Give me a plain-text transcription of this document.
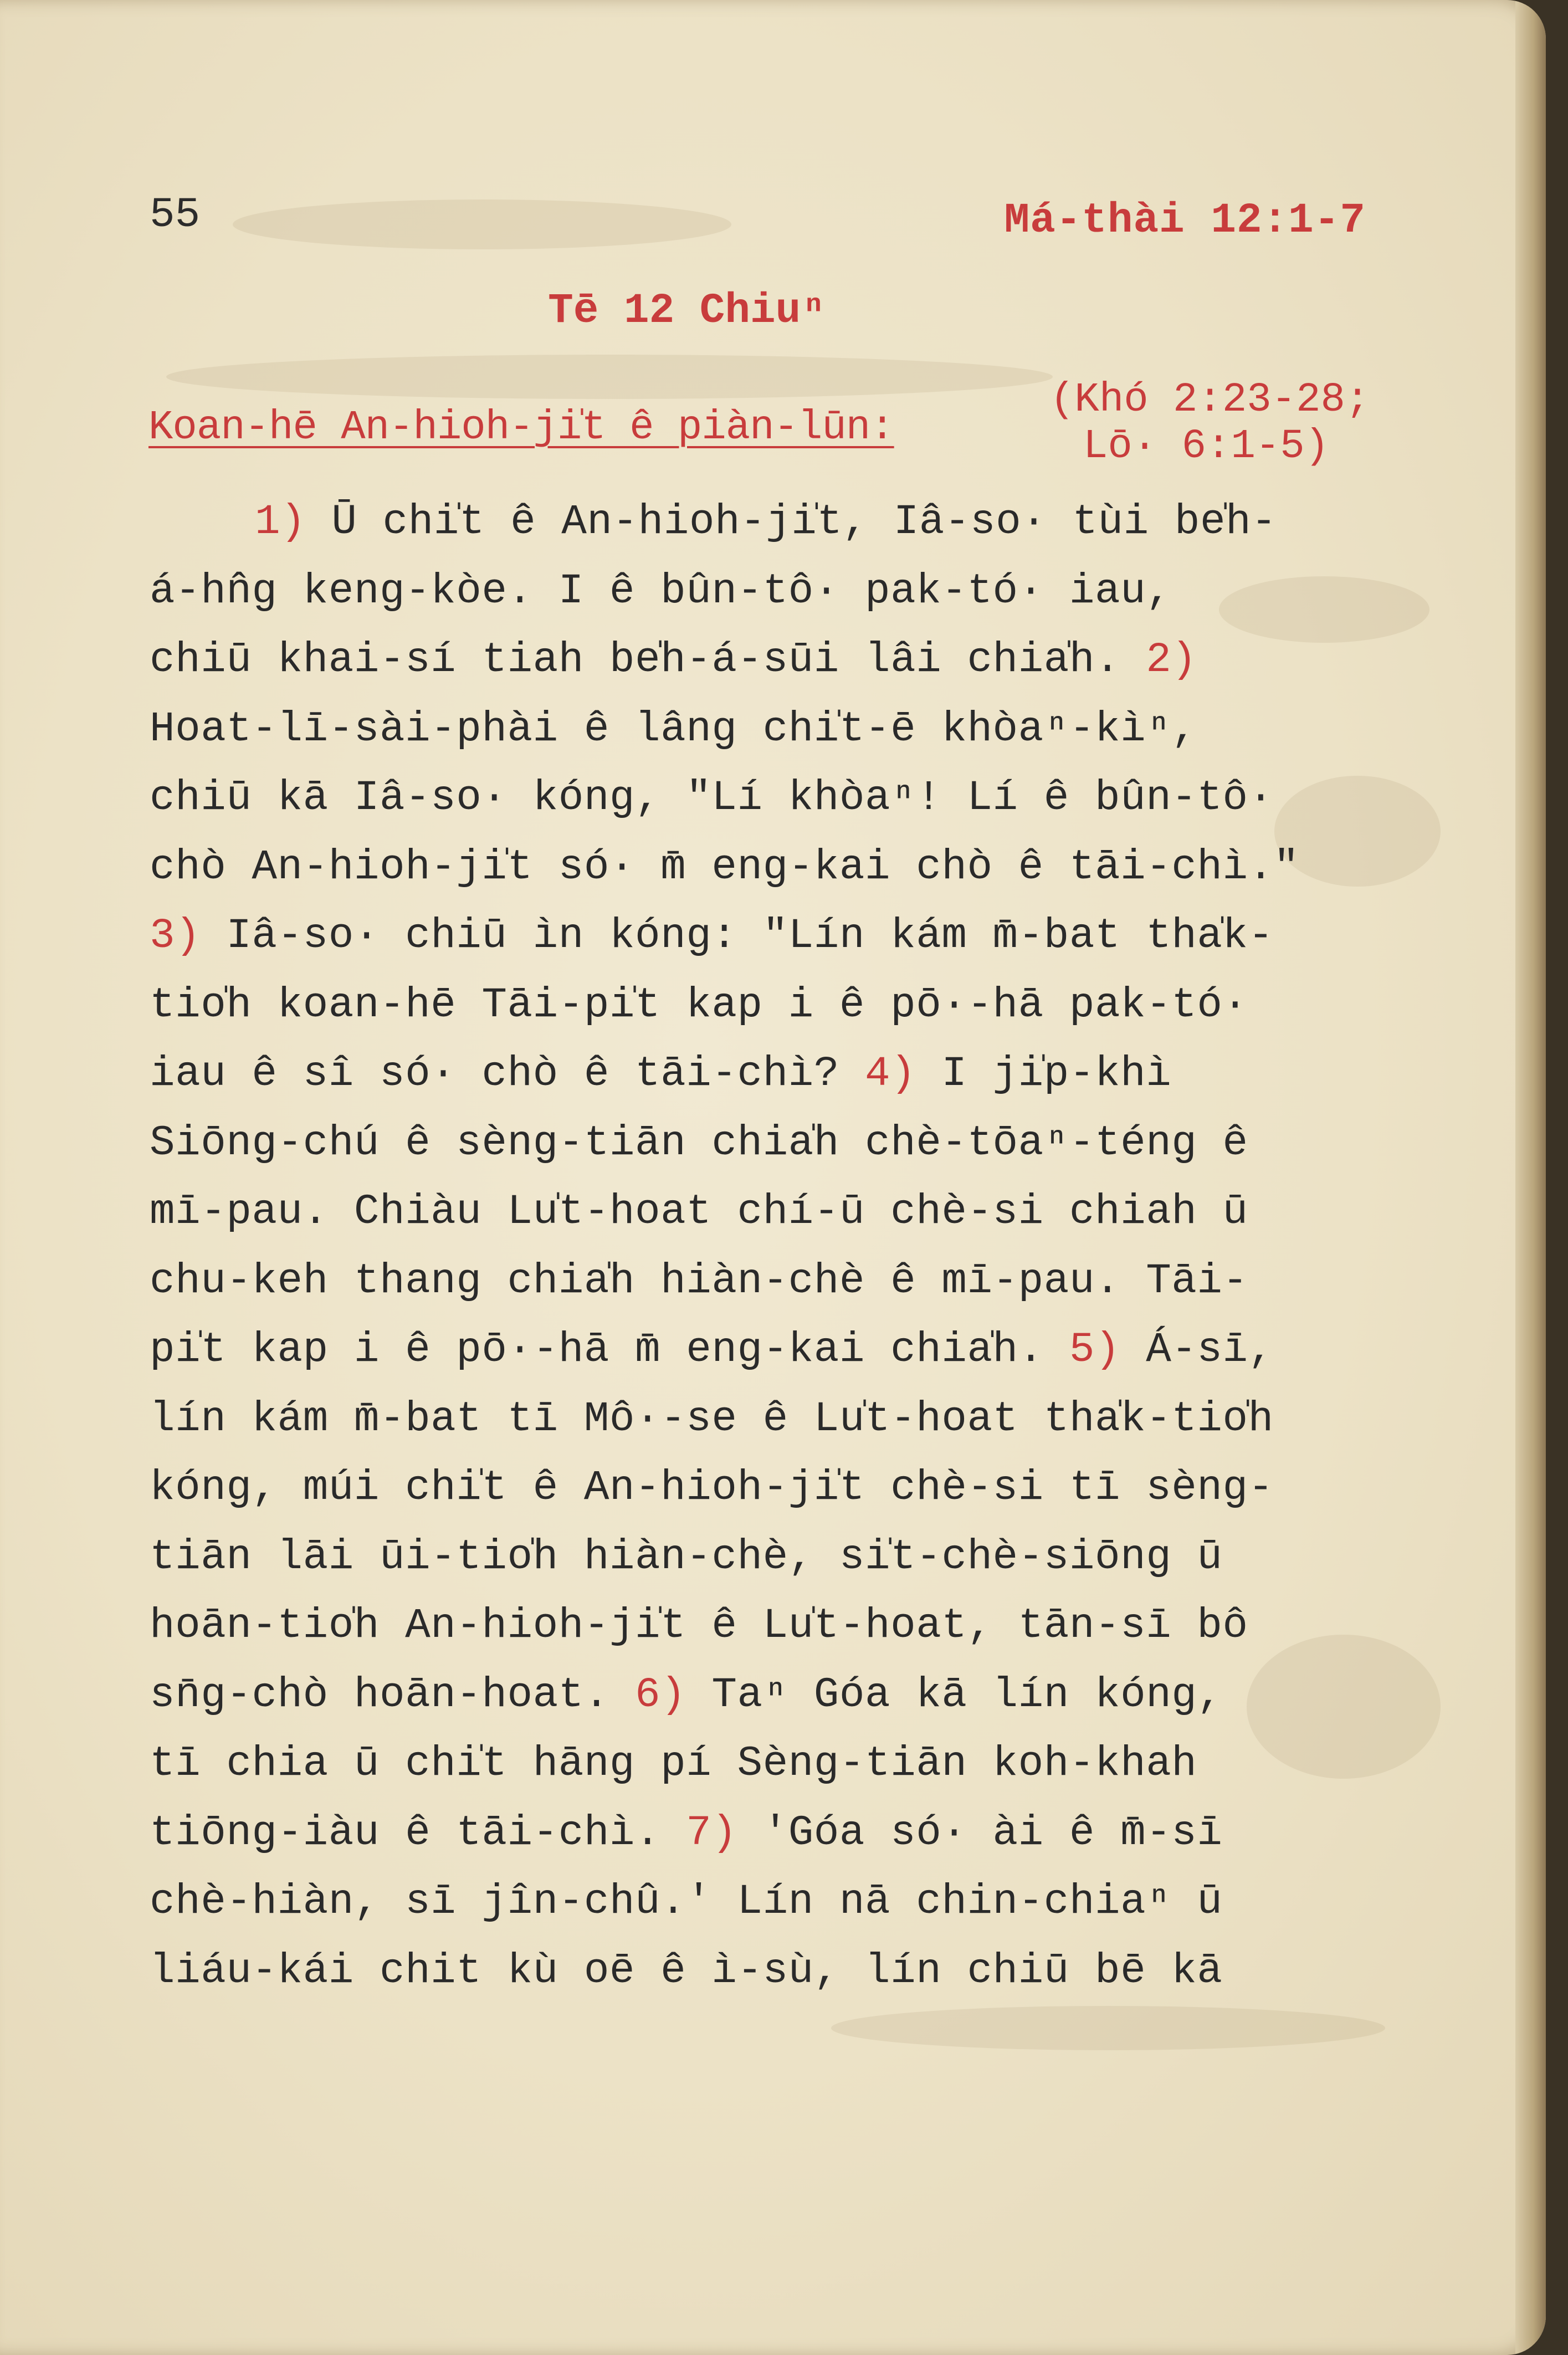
55	Má-thài 12:1-7
Tē 12 Chiuⁿ
Koan-hē An-hioh-ji̍t ê piàn-lūn:
(Khó 2:23-28;
Lō· 6:1-5)
1) Ū chi̍t ê An-hioh-ji̍t, Iâ-so· tùi be̍h-
á-hn̂g keng-kòe. I ê bûn-tô· pak-tó· iau,
chiū khai-sí tiah be̍h-á-sūi lâi chia̍h. 2)
Hoat-lī-sài-phài ê lâng chi̍t-ē khòaⁿ-kìⁿ,
chiū kā Iâ-so· kóng, "Lí khòaⁿ! Lí ê bûn-tô·
chò An-hioh-ji̍t só· m̄ eng-kai chò ê tāi-chì."
3) Iâ-so· chiū ìn kóng: "Lín kám m̄-bat tha̍k-
tio̍h koan-hē Tāi-pi̍t kap i ê pō·-hā pak-tó·
iau ê sî só· chò ê tāi-chì? 4) I ji̍p-khì
Siōng-chú ê sèng-tiān chia̍h chè-tōaⁿ-téng ê
mī-pau. Chiàu Lu̍t-hoat chí-ū chè-si chiah ū
chu-keh thang chia̍h hiàn-chè ê mī-pau. Tāi-
pi̍t kap i ê pō·-hā m̄ eng-kai chia̍h. 5) Á-sī,
lín kám m̄-bat tī Mô·-se ê Lu̍t-hoat tha̍k-tio̍h
kóng, múi chi̍t ê An-hioh-ji̍t chè-si tī sèng-
tiān lāi ūi-tio̍h hiàn-chè, si̍t-chè-siōng ū
hoān-tio̍h An-hioh-ji̍t ê Lu̍t-hoat, tān-sī bô
sn̄g-chò hoān-hoat. 6) Taⁿ Góa kā lín kóng,
tī chia ū chi̍t hāng pí Sèng-tiān koh-khah
tiōng-iàu ê tāi-chì. 7) 'Góa só· ài ê m̄-sī
chè-hiàn, sī jîn-chû.' Lín nā chin-chiaⁿ ū
liáu-kái chit kù oē ê ì-sù, lín chiū bē kā
